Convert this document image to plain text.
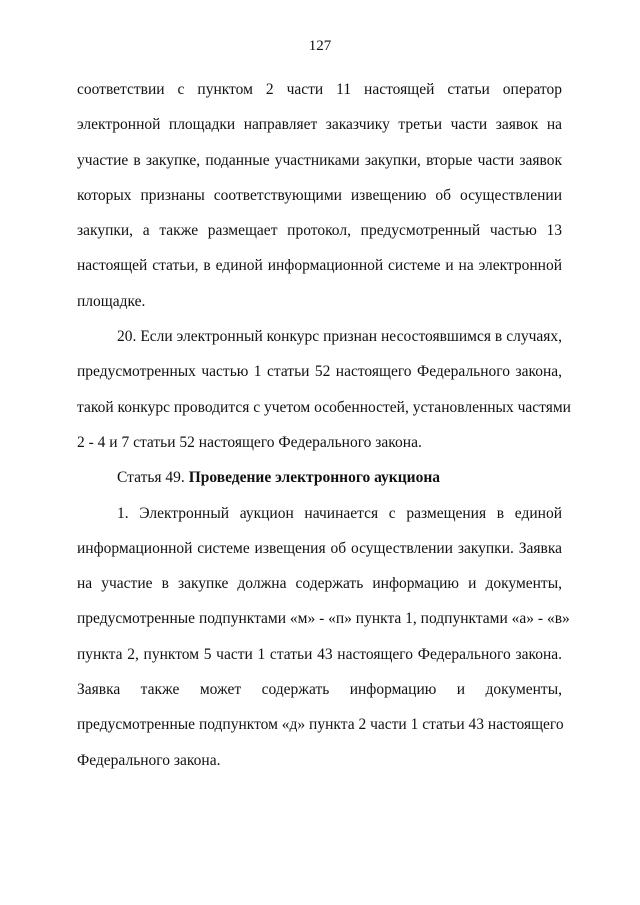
127
соответствии с пунктом 2 части 11 настоящей статьи оператор
электронной площадки направляет заказчику третьи части заявок на
участие в закупке, поданные участниками закупки, вторые части заявок
которых признаны соответствующими извещению об осуществлении
закупки, а также размещает протокол, предусмотренный частью 13
настоящей статьи, в единой информационной системе и на электронной
площадке.
20. Если электронный конкурс признан несостоявшимся в случаях,
предусмотренных частью 1 статьи 52 настоящего Федерального закона,
такой конкурс проводится с учетом особенностей, установленных частями
2 - 4 и 7 статьи 52 настоящего Федерального закона.
Статья 49. Проведение электронного аукциона
1. Электронный аукцион начинается с размещения в единой
информационной системе извещения об осуществлении закупки. Заявка
на участие в закупке должна содержать информацию и документы,
предусмотренные подпунктами «м» - «п» пункта 1, подпунктами «а» - «в»
пункта 2, пунктом 5 части 1 статьи 43 настоящего Федерального закона.
Заявка также может содержать информацию и документы,
предусмотренные подпунктом «д» пункта 2 части 1 статьи 43 настоящего
Федерального закона.
